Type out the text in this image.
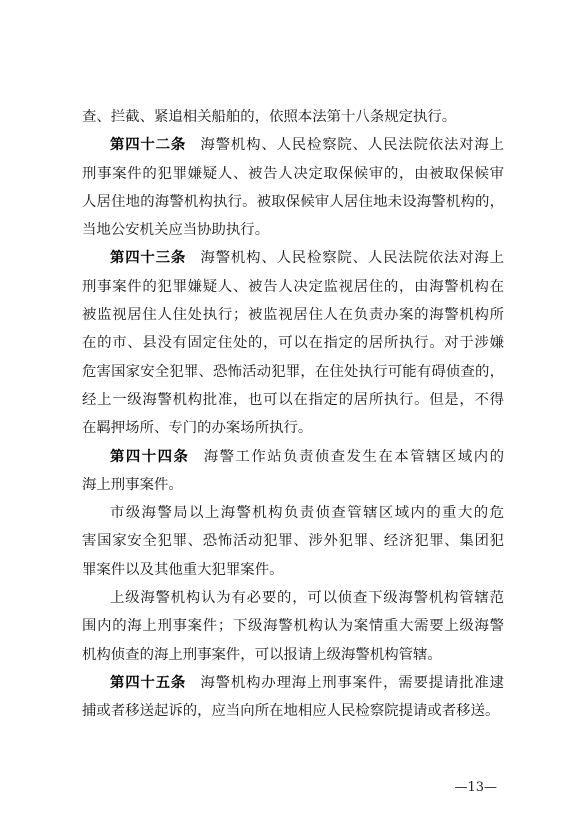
查、拦截、紧追相关船舶的，依照本法第十八条规定执行。
第四十二条 海警机构、人民检察院、人民法院依法对海上
刑事案件的犯罪嫌疑人、被告人决定取保候审的，由被取保候审
人居住地的海警机构执行。被取保候审人居住地未设海警机构的，
当地公安机关应当协助执行。
第四十三条 海警机构、人民检察院、人民法院依法对海上
刑事案件的犯罪嫌疑人、被告人决定监视居住的，由海警机构在
被监视居住人住处执行；被监视居住人在负责办案的海警机构所
在的市、县没有固定住处的，可以在指定的居所执行。对于涉嫌
危害国家安全犯罪、恐怖活动犯罪，在住处执行可能有碍侦查的，
经上一级海警机构批准，也可以在指定的居所执行。但是，不得
在羁押场所、专门的办案场所执行。
第四十四条 海警工作站负责侦查发生在本管辖区域内的
海上刑事案件。
市级海警局以上海警机构负责侦查管辖区域内的重大的危
害国家安全犯罪、恐怖活动犯罪、涉外犯罪、经济犯罪、集团犯
罪案件以及其他重大犯罪案件。
上级海警机构认为有必要的，可以侦查下级海警机构管辖范
围内的海上刑事案件；下级海警机构认为案情重大需要上级海警
机构侦查的海上刑事案件，可以报请上级海警机构管辖。
第四十五条 海警机构办理海上刑事案件，需要提请批准逮
捕或者移送起诉的，应当向所在地相应人民检察院提请或者移送。
—13—
